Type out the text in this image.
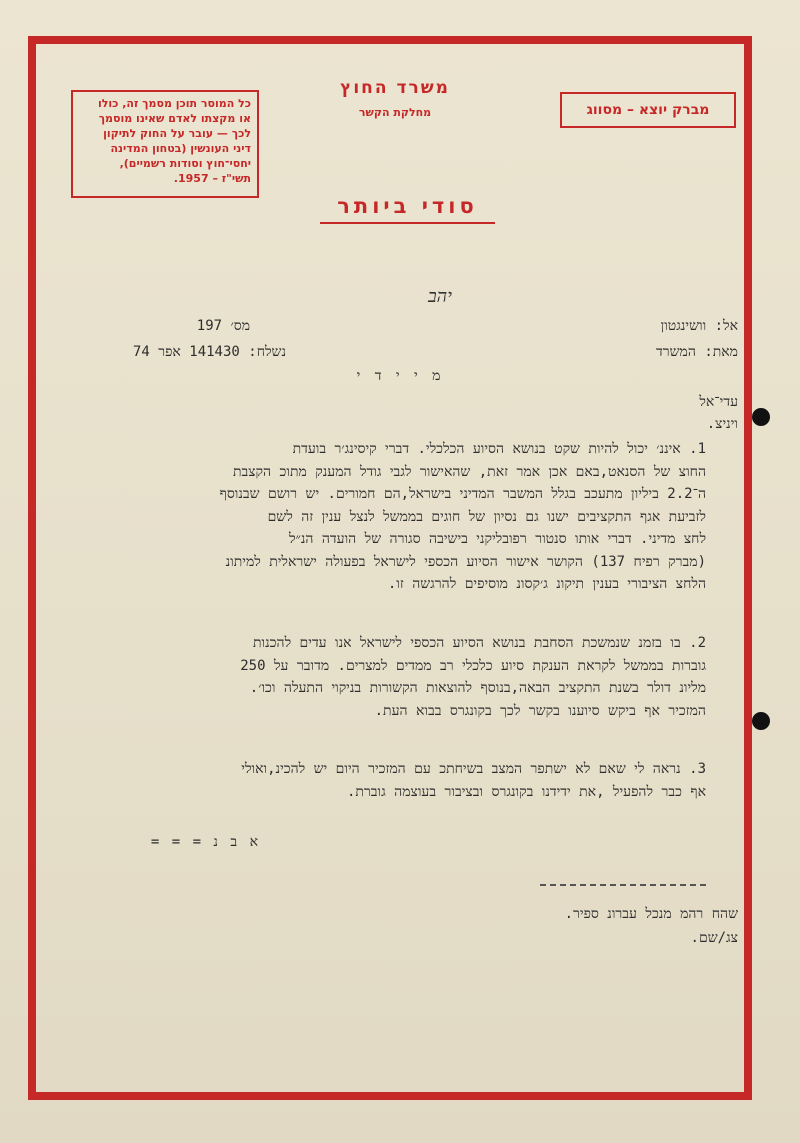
כל המוסר תוכן מסמך זה, כולו
או מקצתו לאדם שאינו מוסמך
לכך — עובר על החוק לתיקון
דיני העונשין (בטחון המדינה
יחסי־חוץ וסודות רשמיים),
תשי"ז – 1957.
משרד החוץ
מחלקת הקשר	מברק יוצא – מסווג
סודי ביותר
יהב
אל: וושינגטון
מאת: המשרד
מס׳ 197
נשלח: 141430 אפר 74
מ י י ד י
עדי־אל
ויניצ.
1. איננ׳ יכול להיות שקט בנושא הסיוע הכלכלי. דברי קיסינג׳ר בועדת
החוצ של הסנאט,באם אכן אמר זאת, שהאישור לגבי גודל המענק מתוכ הקצבת
ה־2.2 ביליון מתעכב בגלל המשבר המדיני בישראל,הם חמורים. יש רושם שבנוסף
לזביעת אגף התקציבים ישנו גם נסיון של חוגים בממשל לנצל ענין זה לשם
לחצ מדיני. דברי אותו סנטור רפובליקני בישיבה סגורה של הועדה הנ״ל
(מברק רפיח 137) הקושר אישור הסיוע הכספי לישראל בפעולה ישראלית למיתונ
הלחצ הציבורי בענין תיקונ ג׳קסונ מוסיפים להרגשה זו.
2. בו בזמנ שנמשכת הסחבת בנושא הסיוע הכספי לישראל אנו עדים להכנות
גוברות בממשל לקראת הענקת סיוע כלכלי רב ממדים למצרים. מדובר על 250
מליונ דולר בשנת התקציב הבאה,בנוסף להוצאות הקשורות בניקוי התעלה וכו׳.
המזכיר אף ביקש סיוענו בקשר לכך בקונגרס בבוא העת.
3. נראה לי שאם לא ישתפר המצב בשיחתכ עם המזכיר היום יש להכינ,ואולי
אף כבר להפעיל ,את ידידנו בקונגרס ובציבור בעוצמה גוברת.
א ב נ = = =
שהח רהמ מנכל עברונ ספיר.
צג/שם.
